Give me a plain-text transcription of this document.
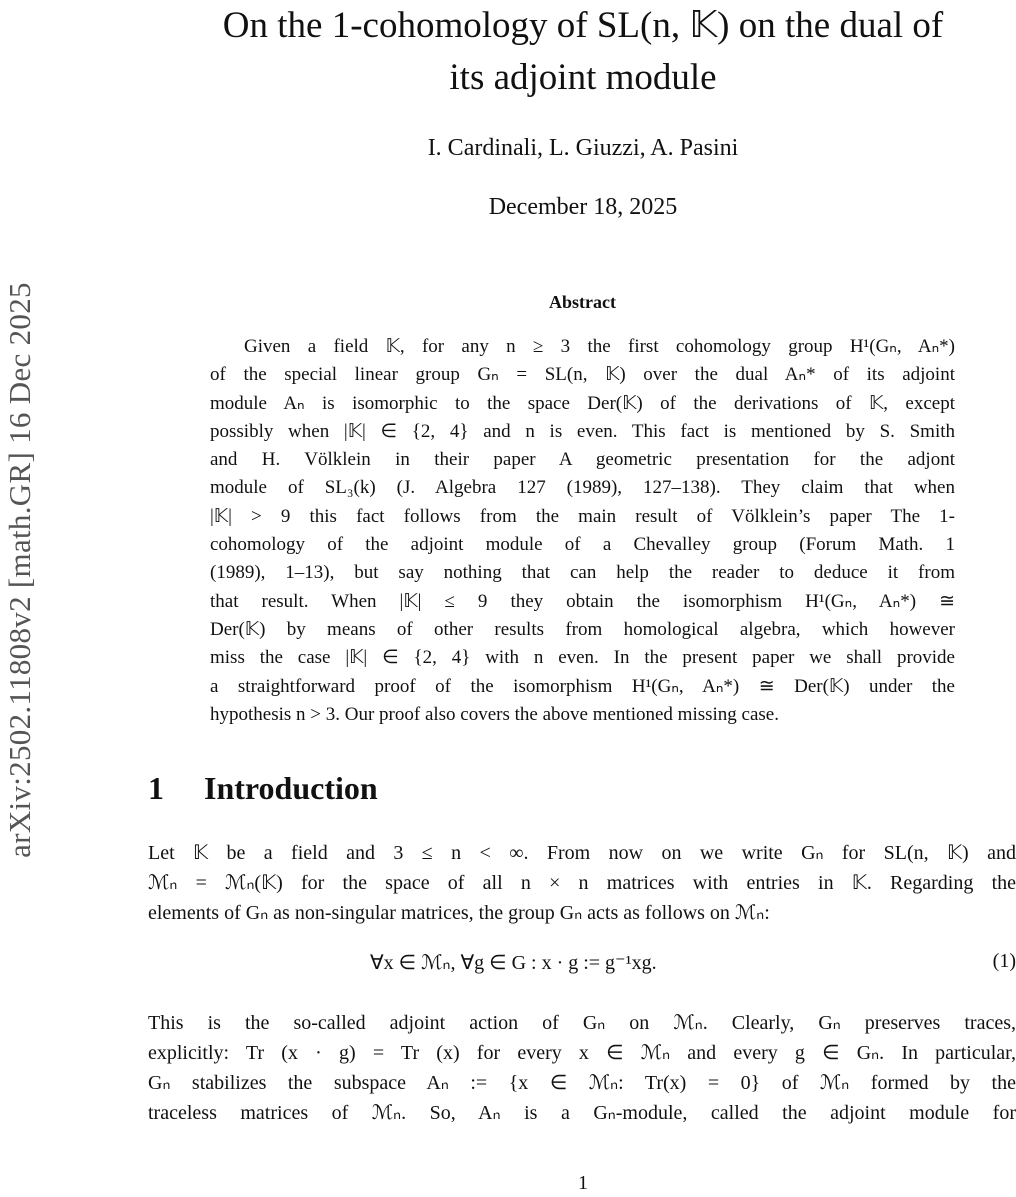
arXiv:2502.11808v2 [math.GR] 16 Dec 2025
On the 1-cohomology of SL(n, 𝕂) on the dual of
its adjoint module
I. Cardinali, L. Giuzzi, A. Pasini
December 18, 2025
Abstract
Given a field 𝕂, for any n ≥ 3 the first cohomology group H¹(Gₙ, Aₙ*)
of the special linear group Gₙ = SL(n, 𝕂) over the dual Aₙ* of its adjoint
module Aₙ is isomorphic to the space Der(𝕂) of the derivations of 𝕂, except
possibly when |𝕂| ∈ {2, 4} and n is even. This fact is mentioned by S. Smith
and H. Völklein in their paper A geometric presentation for the adjont
module of SL₃(k) (J. Algebra 127 (1989), 127–138). They claim that when
|𝕂| > 9 this fact follows from the main result of Völklein’s paper The 1-
cohomology of the adjoint module of a Chevalley group (Forum Math. 1
(1989), 1–13), but say nothing that can help the reader to deduce it from
that result. When |𝕂| ≤ 9 they obtain the isomorphism H¹(Gₙ, Aₙ*) ≅
Der(𝕂) by means of other results from homological algebra, which however
miss the case |𝕂| ∈ {2, 4} with n even. In the present paper we shall provide
a straightforward proof of the isomorphism H¹(Gₙ, Aₙ*) ≅ Der(𝕂) under the
hypothesis n > 3. Our proof also covers the above mentioned missing case.
1 Introduction
Let 𝕂 be a field and 3 ≤ n < ∞. From now on we write Gₙ for SL(n, 𝕂) and
ℳₙ = ℳₙ(𝕂) for the space of all n × n matrices with entries in 𝕂. Regarding the
elements of Gₙ as non-singular matrices, the group Gₙ acts as follows on ℳₙ:
∀x ∈ ℳₙ, ∀g ∈ G : x · g := g⁻¹xg.	(1)
This is the so-called adjoint action of Gₙ on ℳₙ. Clearly, Gₙ preserves traces,
explicitly: Tr (x · g) = Tr (x) for every x ∈ ℳₙ and every g ∈ Gₙ. In particular,
Gₙ stabilizes the subspace Aₙ := {x ∈ ℳₙ: Tr(x) = 0} of ℳₙ formed by the
traceless matrices of ℳₙ. So, Aₙ is a Gₙ-module, called the adjoint module for
1
